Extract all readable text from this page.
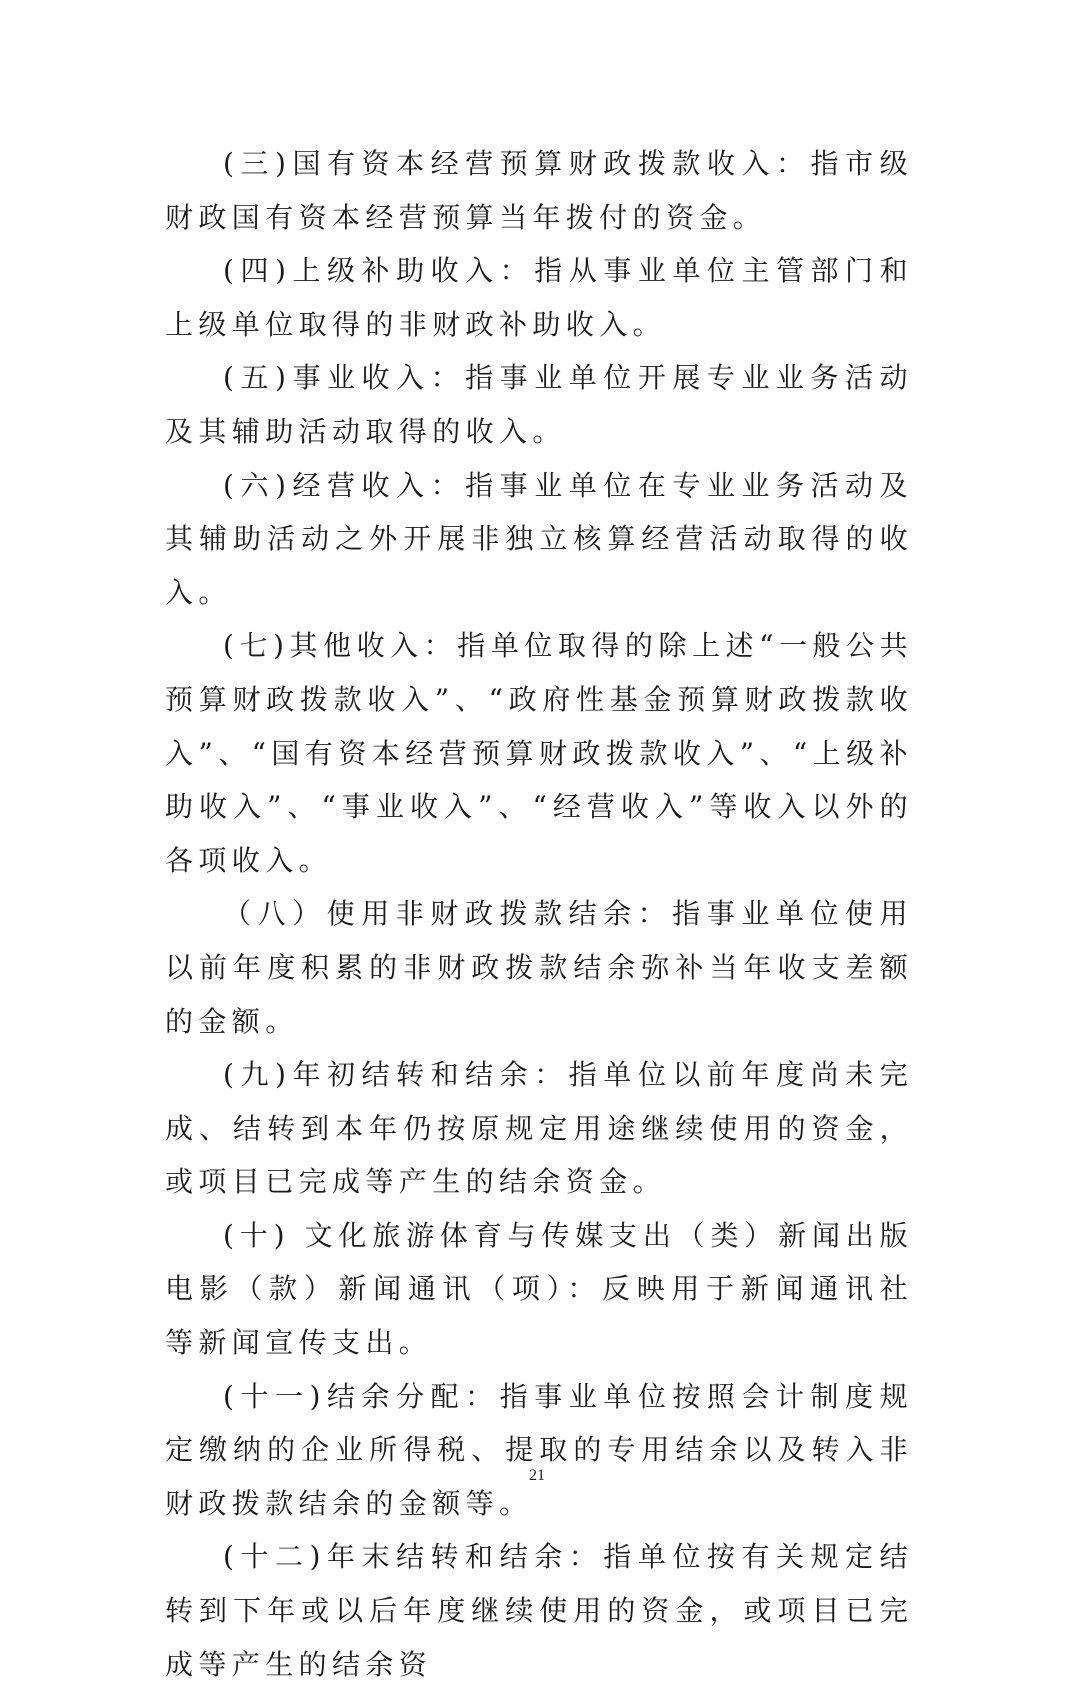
(三)国有资本经营预算财政拨款收入：指市级财政国有资本经营预算当年拨付的资金。

(四)上级补助收入：指从事业单位主管部门和上级单位取得的非财政补助收入。

(五)事业收入：指事业单位开展专业业务活动及其辅助活动取得的收入。

(六)经营收入：指事业单位在专业业务活动及其辅助活动之外开展非独立核算经营活动取得的收入。

(七)其他收入：指单位取得的除上述“一般公共预算财政拨款收入”、“政府性基金预算财政拨款收入”、“国有资本经营预算财政拨款收入”、“上级补助收入”、“事业收入”、“经营收入”等收入以外的各项收入。

（八）使用非财政拨款结余：指事业单位使用以前年度积累的非财政拨款结余弥补当年收支差额的金额。

(九)年初结转和结余：指单位以前年度尚未完成、结转到本年仍按原规定用途继续使用的资金，或项目已完成等产生的结余资金。

(十) 文化旅游体育与传媒支出（类）新闻出版电影（款）新闻通讯（项）：反映用于新闻通讯社等新闻宣传支出。

(十一)结余分配：指事业单位按照会计制度规定缴纳的企业所得税、提取的专用结余以及转入非财政拨款结余的金额等。

(十二)年末结转和结余：指单位按有关规定结转到下年或以后年度继续使用的资金，或项目已完成等产生的结余资

21
